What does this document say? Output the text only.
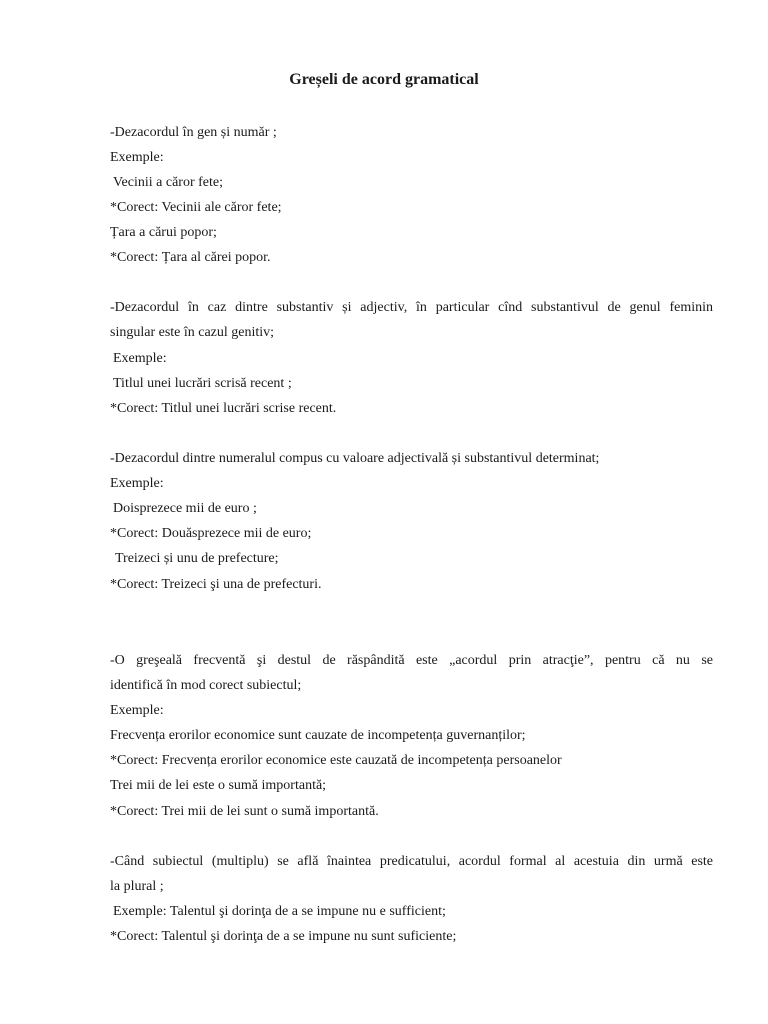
Greșeli de acord gramatical
-Dezacordul în gen și număr ;
Exemple:
Vecinii a căror fete;
*Corect: Vecinii ale căror fete;
Țara a cărui popor;
*Corect: Țara al cărei popor.
-Dezacordul în caz dintre substantiv și adjectiv, în particular cînd substantivul de genul feminin
singular este în cazul genitiv;
Exemple:
Titlul unei lucrări scrisă recent ;
*Corect: Titlul unei lucrări scrise recent.
-Dezacordul dintre numeralul compus cu valoare adjectivală și substantivul determinat;
Exemple:
Doisprezece mii de euro ;
*Corect: Douăsprezece mii de euro;
Treizeci și unu de prefecture;
*Corect: Treizeci şi una de prefecturi.
-O greşeală frecventă şi destul de răspândită este „acordul prin atracţie”, pentru că nu se
identifică în mod corect subiectul;
Exemple:
Frecvența erorilor economice sunt cauzate de incompetența guvernanților;
*Corect: Frecvența erorilor economice este cauzată de incompetența persoanelor
Trei mii de lei este o sumă importantă;
*Corect: Trei mii de lei sunt o sumă importantă.
-Când subiectul (multiplu) se află înaintea predicatului, acordul formal al acestuia din urmă este
la plural ;
Exemple: Talentul şi dorinţa de a se impune nu e sufficient;
*Corect: Talentul şi dorinţa de a se impune nu sunt suficiente;
